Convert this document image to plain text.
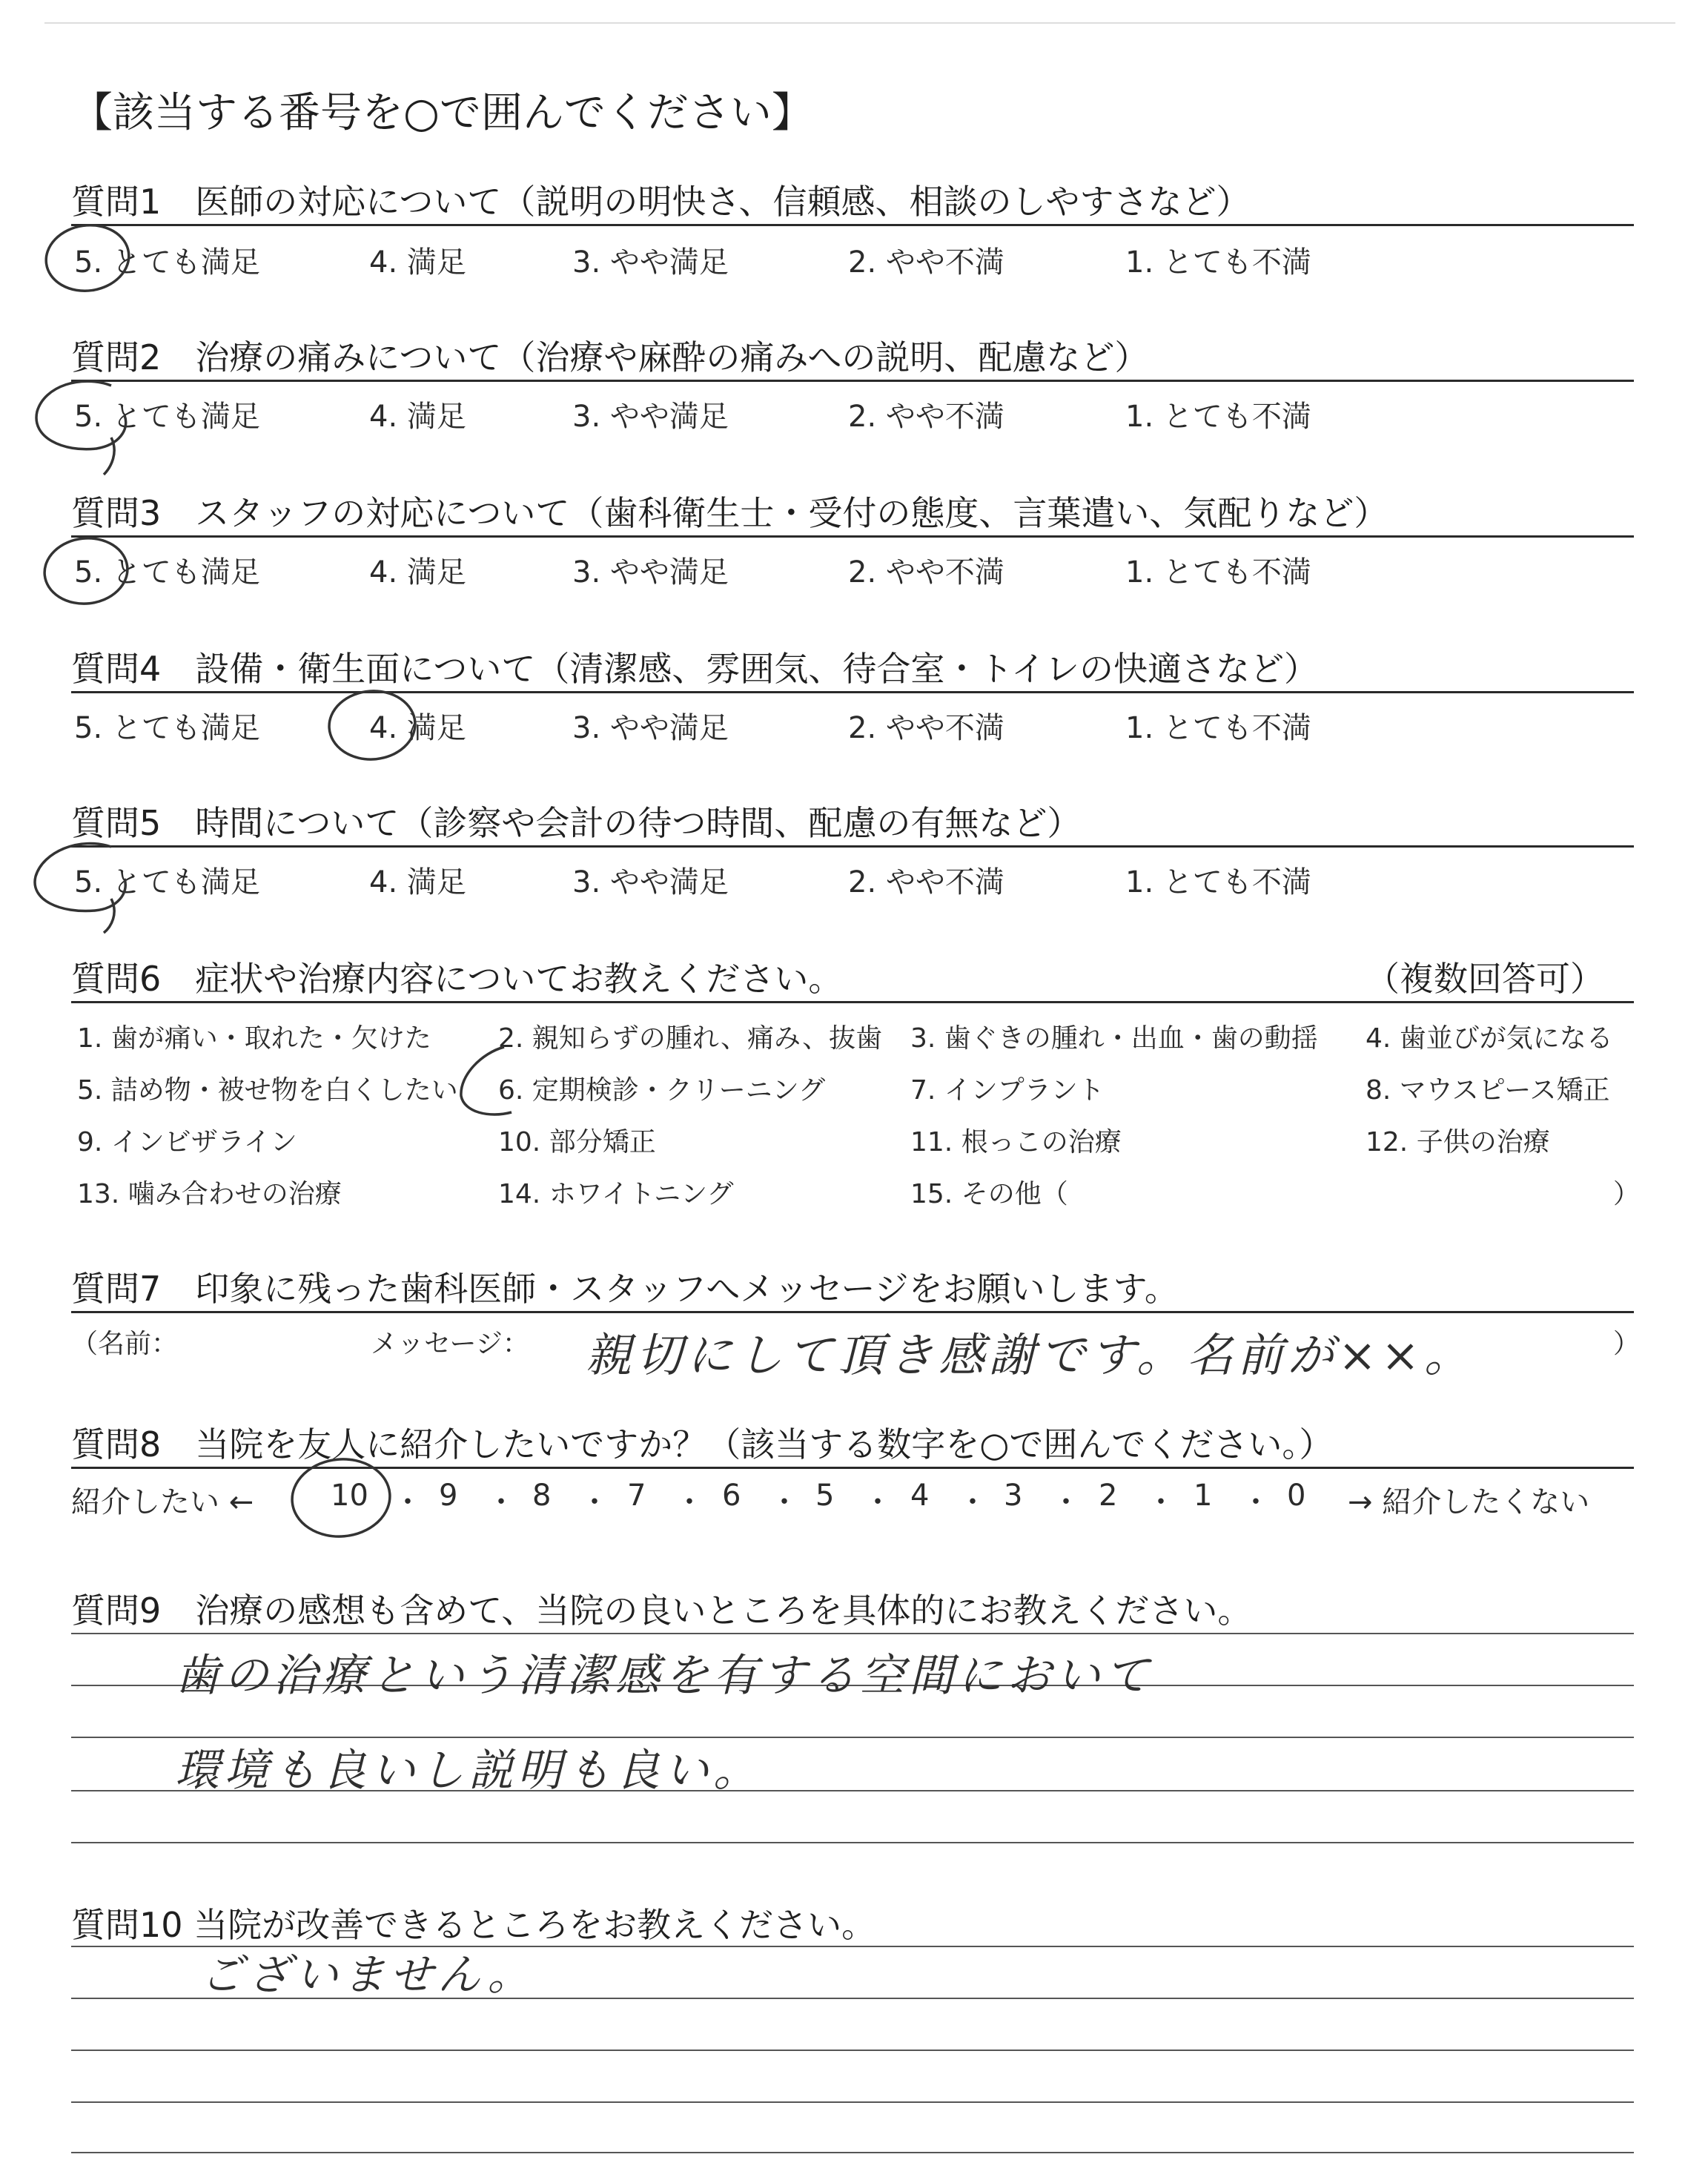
【該当する番号を○で囲んでください】
質問1　医師の対応について（説明の明快さ、信頼感、相談のしやすさなど）
5. とても満足	4. 満足	3. やや満足	2. やや不満	1. とても不満
質問2　治療の痛みについて（治療や麻酔の痛みへの説明、配慮など）
5. とても満足	4. 満足	3. やや満足	2. やや不満	1. とても不満
質問3　スタッフの対応について（歯科衛生士・受付の態度、言葉遣い、気配りなど）
5. とても満足	4. 満足	3. やや満足	2. やや不満	1. とても不満
質問4　設備・衛生面について（清潔感、雰囲気、待合室・トイレの快適さなど）
5. とても満足	4. 満足	3. やや満足	2. やや不満	1. とても不満
質問5　時間について（診察や会計の待つ時間、配慮の有無など）
5. とても満足	4. 満足	3. やや満足	2. やや不満	1. とても不満
質問6　症状や治療内容についてお教えください。	（複数回答可）
1. 歯が痛い・取れた・欠けた	2. 親知らずの腫れ、痛み、抜歯 3. 歯ぐきの腫れ・出血・歯の動揺 4. 歯並びが気になる
5. 詰め物・被せ物を白くしたい 6. 定期検診・クリーニング	7. インプラント	8. マウスピース矯正
9. インビザライン	10. 部分矯正	11. 根っこの治療	12. 子供の治療
13. 噛み合わせの治療	14. ホワイトニング	15. その他（	）
質問7　印象に残った歯科医師・スタッフへメッセージをお願いします。
（名前：	メッセージ：	）
親切にして頂き感謝です。名前が××。
質問8　当院を友人に紹介したいですか？（該当する数字を○で囲んでください。）
紹介したい ←	10 ・ 9 ・ 8 ・ 7 ・ 6 ・ 5 ・ 4 ・ 3 ・ 2 ・ 1 ・ 0 → 紹介したくない
質問9　治療の感想も含めて、当院の良いところを具体的にお教えください。
歯の治療という清潔感を有する空間において
環境も良いし説明も良い。
質問10 当院が改善できるところをお教えください。
ございません。
